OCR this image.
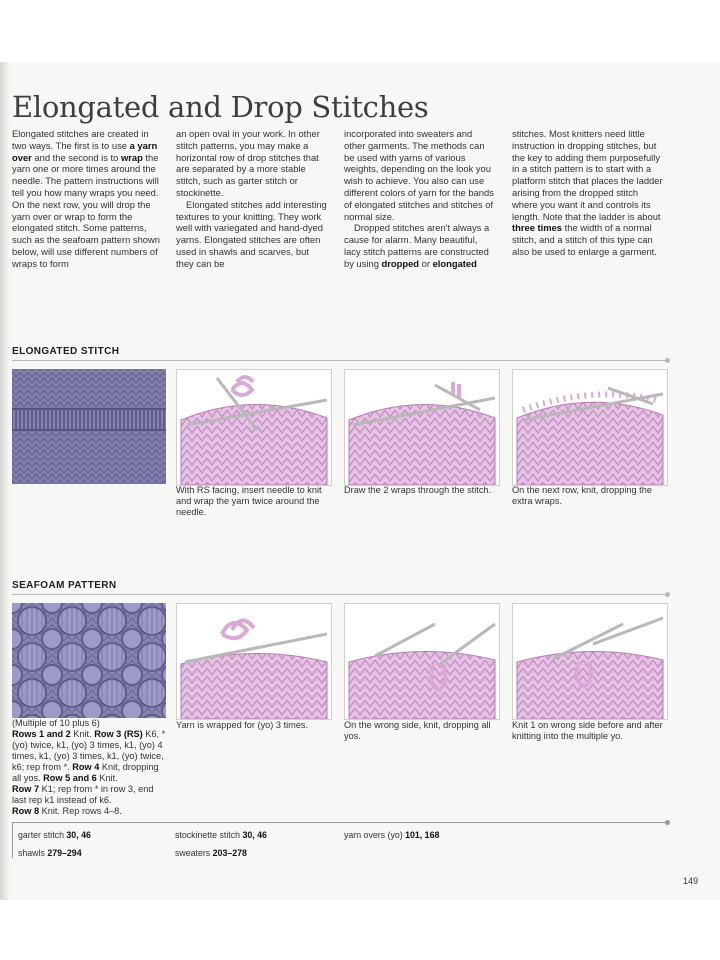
Elongated and Drop Stitches

Elongated stitches are created in two ways. The first is to use a yarn over and the second is to wrap the yarn one or more times around the needle. The pattern instructions will tell you how many wraps you need. On the next row, you will drop the yarn over or wrap to form the elongated stitch. Some patterns, such as the seafoam pattern shown below, will use different numbers of wraps to form

an open oval in your work. In other stitch patterns, you may make a horizontal row of drop stitches that are separated by a more stable stitch, such as garter stitch or stockinette.

Elongated stitches add interesting textures to your knitting. They work well with variegated and hand-dyed yarns. Elongated stitches are often used in shawls and scarves, but they can be

incorporated into sweaters and other garments. The methods can be used with yarns of various weights, depending on the look you wish to achieve. You also can use different colors of yarn for the bands of elongated stitches and stitches of normal size.

Dropped stitches aren't always a cause for alarm. Many beautiful, lacy stitch patterns are constructed by using dropped or elongated

stitches. Most knitters need little instruction in dropping stitches, but the key to adding them purposefully in a stitch pattern is to start with a platform stitch that places the ladder arising from the dropped stitch where you want it and controls its length. Note that the ladder is about three times the width of a normal stitch, and a stitch of this type can also be used to enlarge a garment.

ELONGATED STITCH
With RS facing, insert needle to knit and wrap the yarn twice around the needle.
Draw the 2 wraps through the stitch.	On the next row, knit, dropping the extra wraps.
SEAFOAM PATTERN
(Multiple of 10 plus 6)
Rows 1 and 2 Knit. Row 3 (RS) K6, * (yo) twice, k1, (yo) 3 times, k1, (yo) 4 times, k1, (yo) 3 times, k1, (yo) twice, k6; rep from *. Row 4 Knit, dropping all yos. Row 5 and 6 Knit.
Row 7 K1; rep from * in row 3, end last rep k1 instead of k6.
Row 8 Knit. Rep rows 4–8.
Yarn is wrapped for (yo) 3 times.	On the wrong side, knit, dropping all yos.
Knit 1 on wrong side before and after knitting into the multiple yo.
garter stitch 30, 46	stockinette stitch 30, 46	yarn overs (yo) 101, 168
shawls 279–294	sweaters 203–278
149
